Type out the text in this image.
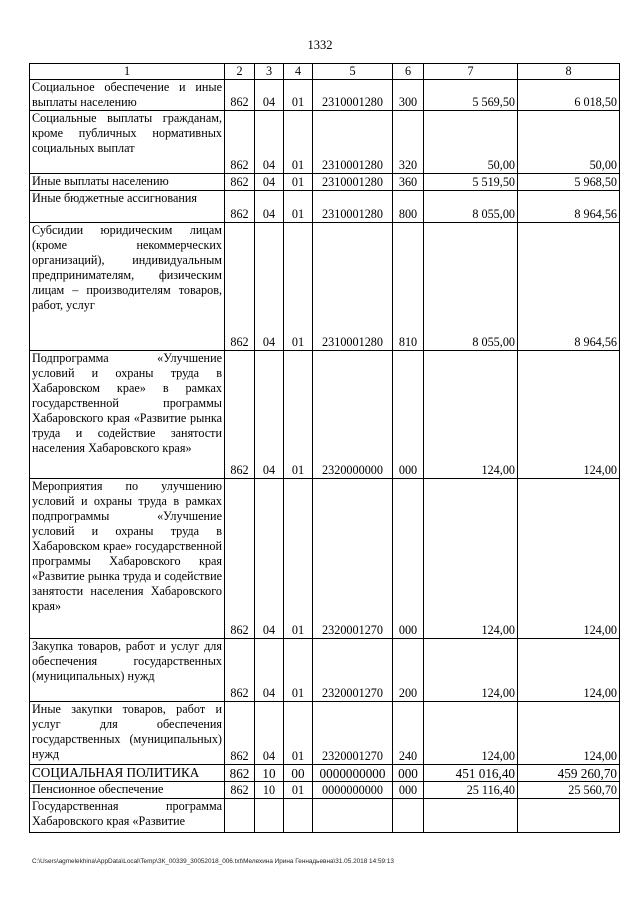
1332
1	2	3	4	5	6	7	8
Социальное обеспечение и иные выплаты населению	862	04	01	2310001280	300	5 569,50	6 018,50
Социальные выплаты гражданам, кроме публичных нормативных социальных выплат	862	04	01	2310001280	320	50,00	50,00
Иные выплаты населению	862	04	01	2310001280	360	5 519,50	5 968,50
Иные бюджетные ассигнования	862	04	01	2310001280	800	8 055,00	8 964,56
Субсидии юридическим лицам (кроме некоммерческих организаций), индивидуальным предпринимателям, физическим лицам – производителям товаров, работ, услуг	862	04	01	2310001280	810	8 055,00	8 964,56
Подпрограмма «Улучшение условий и охраны труда в Хабаровском крае» в рамках государственной программы Хабаровского края «Развитие рынка труда и содействие занятости населения Хабаровского края»	862	04	01	2320000000	000	124,00	124,00
Мероприятия по улучшению условий и охраны труда в рамках подпрограммы «Улучшение условий и охраны труда в Хабаровском крае» государственной программы Хабаровского края «Развитие рынка труда и содействие занятости населения Хабаровского края»	862	04	01	2320001270	000	124,00	124,00
Закупка товаров, работ и услуг для обеспечения государственных (муниципальных) нужд	862	04	01	2320001270	200	124,00	124,00
Иные закупки товаров, работ и услуг для обеспечения государственных (муниципальных) нужд	862	04	01	2320001270	240	124,00	124,00
СОЦИАЛЬНАЯ ПОЛИТИКА	862	10	00	0000000000	000	451 016,40	459 260,70
Пенсионное обеспечение	862	10	01	0000000000	000	25 116,40	25 560,70
Государственная программа Хабаровского края «Развитие							
C:\Users\agmelekhina\AppData\Local\Temp\ЗК_00339_30052018_006.txt\Мелехина Ирина Геннадьевна\31.05.2018 14:59:13
